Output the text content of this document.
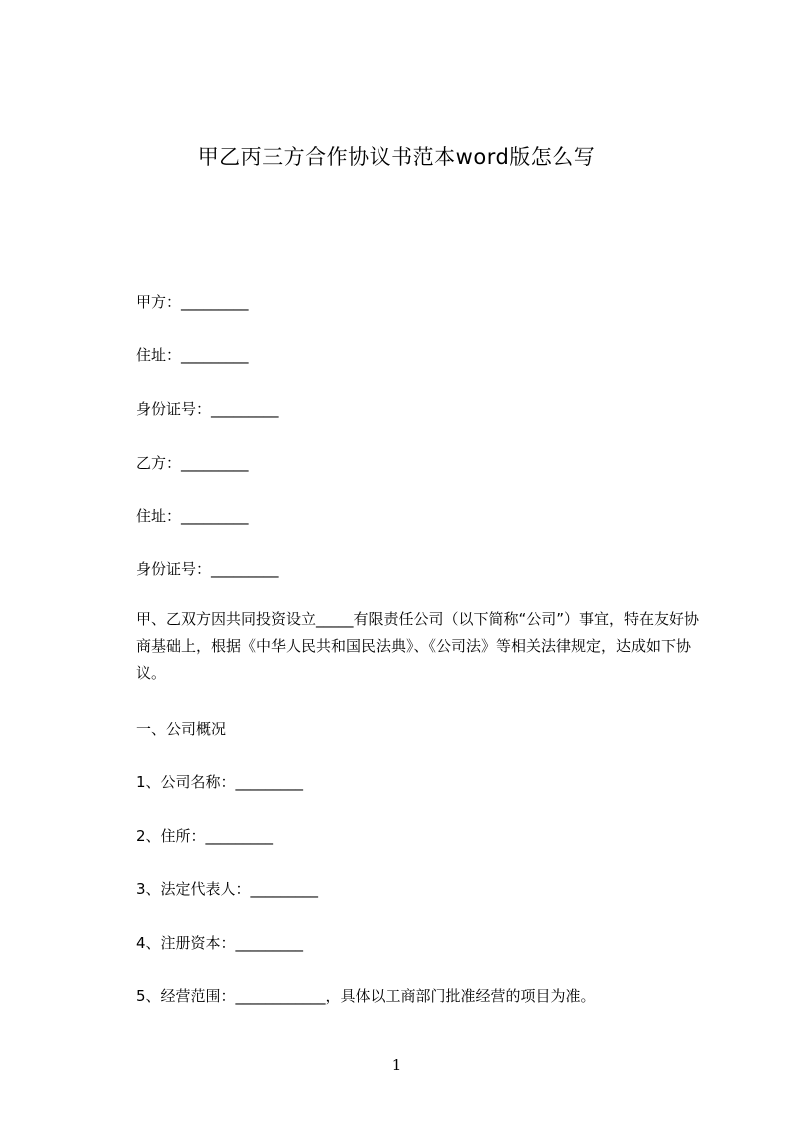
甲乙丙三方合作协议书范本word版怎么写
甲方：_________
住址：_________
身份证号：_________
乙方：_________
住址：_________
身份证号：_________
甲、乙双方因共同投资设立_____有限责任公司（以下简称“公司”）事宜，特在友好协商基础上，根据《中华人民共和国民法典》、《公司法》等相关法律规定，达成如下协议。
一、公司概况
1、公司名称：_________
2、住所：_________
3、法定代表人：_________
4、注册资本：_________
5、经营范围：____________，具体以工商部门批准经营的项目为准。
1
